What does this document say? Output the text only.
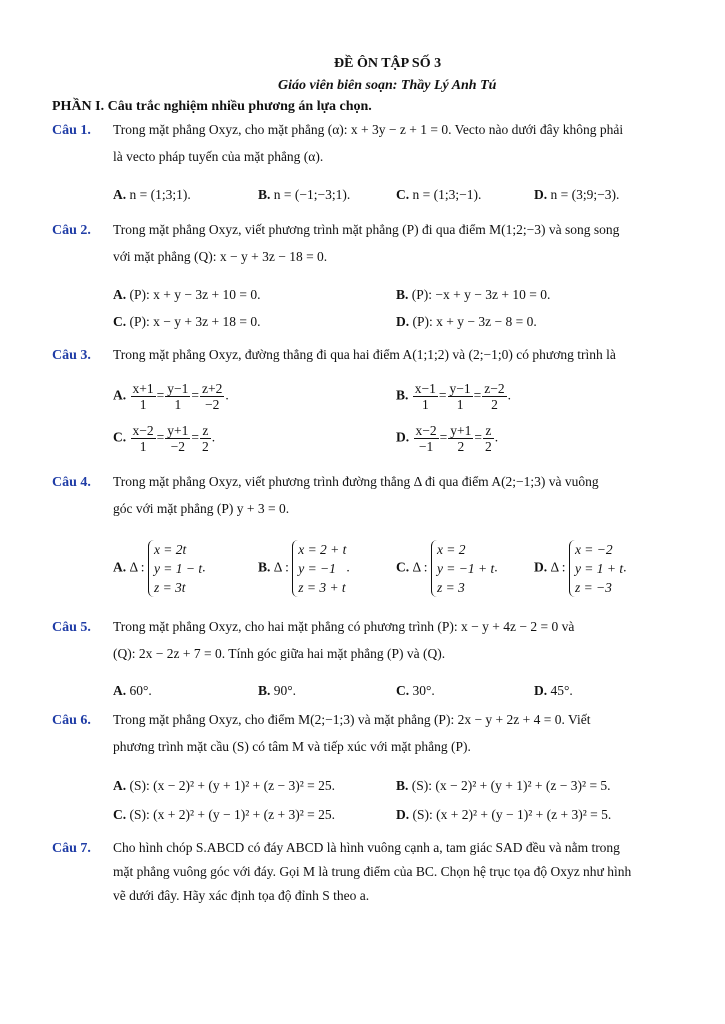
ĐỀ ÔN TẬP SỐ 3
Giáo viên biên soạn: Thầy Lý Anh Tú
PHẦN I. Câu trắc nghiệm nhiều phương án lựa chọn.
Câu 1. Trong mặt phẳng Oxyz, cho mặt phẳng (α): x + 3y − z + 1 = 0. Vecto nào dưới đây không phải
là vecto pháp tuyến của mặt phẳng (α).
A. n = (1;3;1).	B. n = (−1;−3;1).	C. n = (1;3;−1).	D. n = (3;9;−3).
Câu 2. Trong mặt phẳng Oxyz, viết phương trình mặt phẳng (P) đi qua điểm M(1;2;−3) và song song
với mặt phẳng (Q): x − y + 3z − 18 = 0.
A. (P): x + y − 3z + 10 = 0.	B. (P): −x + y − 3z + 10 = 0.
C. (P): x − y + 3z + 18 = 0.	D. (P): x + y − 3z − 8 = 0.
Câu 3. Trong mặt phẳng Oxyz, đường thẳng đi qua hai điểm A(1;1;2) và (2;−1;0) có phương trình là
A. $\frac{x+1}{1} = \frac{y-1}{1} = \frac{z+2}{-2}$ .	B. $\frac{x-1}{1} = \frac{y-1}{1} = \frac{z-2}{2}$ .
C. $\frac{x-2}{1} = \frac{y+1}{-2} = \frac{z}{2}$ .	D. $\frac{x-2}{-1} = \frac{y+1}{2} = \frac{z}{2}$ .
Câu 4. Trong mặt phẳng Oxyz, viết phương trình đường thẳng Δ đi qua điểm A(2;−1;3) và vuông
góc với mặt phẳng (P) y + 3 = 0.
A. Δ :
x = 2t
y = 1 − t
z = 3t
.	B. Δ :
x = 2 + t
y = −1
z = 3 + t
.	C. Δ :
x = 2
y = −1 + t
z = 3
.	D. Δ :
x = −2
y = 1 + t
z = −3
.
Câu 5. Trong mặt phẳng Oxyz, cho hai mặt phẳng có phương trình (P): x − y + 4z − 2 = 0 và
(Q): 2x − 2z + 7 = 0. Tính góc giữa hai mặt phẳng (P) và (Q).
A. 60°.	B. 90°.	C. 30°.	D. 45°.
Câu 6. Trong mặt phẳng Oxyz, cho điểm M(2;−1;3) và mặt phẳng (P): 2x − y + 2z + 4 = 0. Viết
phương trình mặt cầu (S) có tâm M và tiếp xúc với mặt phẳng (P).
A. (S): (x − 2)² + (y + 1)² + (z − 3)² = 25.	B. (S): (x − 2)² + (y + 1)² + (z − 3)² = 5.
C. (S): (x + 2)² + (y − 1)² + (z + 3)² = 25.	D. (S): (x + 2)² + (y − 1)² + (z + 3)² = 5.
Câu 7. Cho hình chóp S.ABCD có đáy ABCD là hình vuông cạnh a, tam giác SAD đều và nằm trong
mặt phẳng vuông góc với đáy. Gọi M là trung điểm của BC. Chọn hệ trục tọa độ Oxyz như hình
vẽ dưới đây. Hãy xác định tọa độ đỉnh S theo a.
